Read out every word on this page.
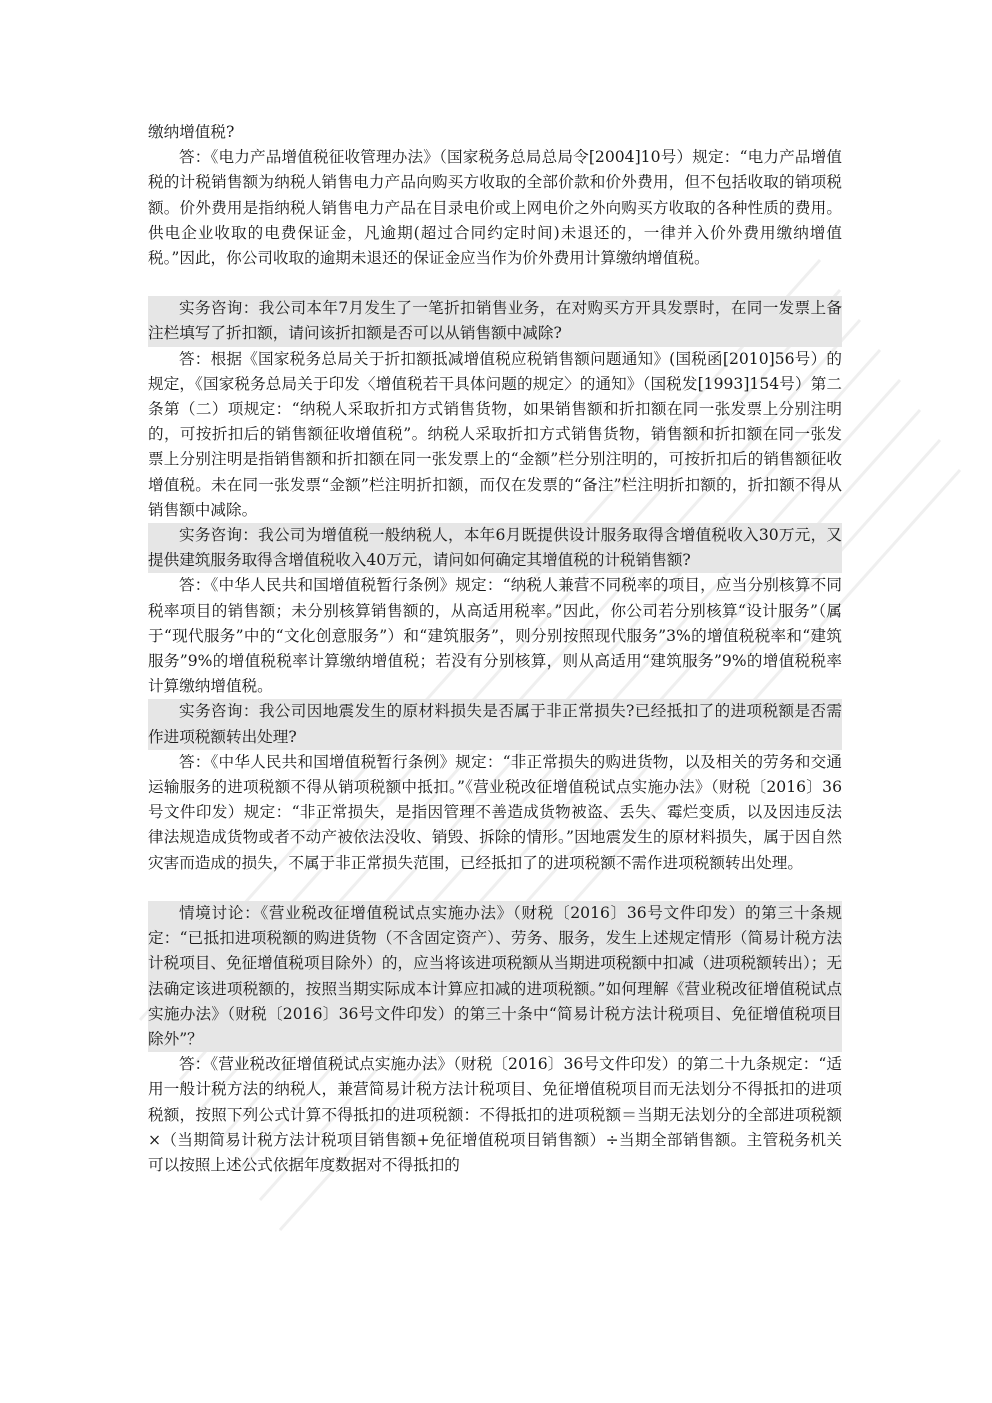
缴纳增值税?

答：《电力产品增值税征收管理办法》（国家税务总局总局令[2004]10号）规定：“电力产品增值税的计税销售额为纳税人销售电力产品向购买方收取的全部价款和价外费用，但不包括收取的销项税额。价外费用是指纳税人销售电力产品在目录电价或上网电价之外向购买方收取的各种性质的费用。供电企业收取的电费保证金，凡逾期(超过合同约定时间)未退还的，一律并入价外费用缴纳增值税。”因此，你公司收取的逾期未退还的保证金应当作为价外费用计算缴纳增值税。

实务咨询：我公司本年7月发生了一笔折扣销售业务，在对购买方开具发票时，在同一发票上备注栏填写了折扣额，请问该折扣额是否可以从销售额中减除?

答：根据《国家税务总局关于折扣额抵减增值税应税销售额问题通知》(国税函[2010]56号）的规定，《国家税务总局关于印发〈增值税若干具体问题的规定〉的通知》（国税发[1993]154号）第二条第（二）项规定：“纳税人采取折扣方式销售货物，如果销售额和折扣额在同一张发票上分别注明的，可按折扣后的销售额征收增值税”。纳税人采取折扣方式销售货物，销售额和折扣额在同一张发票上分别注明是指销售额和折扣额在同一张发票上的“金额”栏分别注明的，可按折扣后的销售额征收增值税。未在同一张发票“金额”栏注明折扣额，而仅在发票的“备注”栏注明折扣额的，折扣额不得从销售额中减除。

实务咨询：我公司为增值税一般纳税人，本年6月既提供设计服务取得含增值税收入30万元，又提供建筑服务取得含增值税收入40万元，请问如何确定其增值税的计税销售额?

答：《中华人民共和国增值税暂行条例》规定：“纳税人兼营不同税率的项目，应当分别核算不同税率项目的销售额；未分别核算销售额的，从高适用税率。”因此，你公司若分别核算“设计服务”（属于“现代服务”中的“文化创意服务”）和“建筑服务”，则分别按照现代服务”3%的增值税税率和“建筑服务”9%的增值税税率计算缴纳增值税；若没有分别核算，则从高适用“建筑服务”9%的增值税税率计算缴纳增值税。

实务咨询：我公司因地震发生的原材料损失是否属于非正常损失?已经抵扣了的进项税额是否需作进项税额转出处理?

答：《中华人民共和国增值税暂行条例》规定：“非正常损失的购进货物，以及相关的劳务和交通运输服务的进项税额不得从销项税额中抵扣。”《营业税改征增值税试点实施办法》（财税〔2016〕36号文件印发）规定：“非正常损失，是指因管理不善造成货物被盗、丢失、霉烂变质，以及因违反法律法规造成货物或者不动产被依法没收、销毁、拆除的情形。”因地震发生的原材料损失，属于因自然灾害而造成的损失，不属于非正常损失范围，已经抵扣了的进项税额不需作进项税额转出处理。

情境讨论：《营业税改征增值税试点实施办法》（财税〔2016〕36号文件印发）的第三十条规定：“已抵扣进项税额的购进货物（不含固定资产）、劳务、服务，发生上述规定情形（简易计税方法计税项目、免征增值税项目除外）的，应当将该进项税额从当期进项税额中扣减（进项税额转出）；无法确定该进项税额的，按照当期实际成本计算应扣减的进项税额。”如何理解《营业税改征增值税试点实施办法》（财税〔2016〕36号文件印发）的第三十条中“简易计税方法计税项目、免征增值税项目除外”？

答：《营业税改征增值税试点实施办法》（财税〔2016〕36号文件印发）的第二十九条规定：“适用一般计税方法的纳税人，兼营简易计税方法计税项目、免征增值税项目而无法划分不得抵扣的进项税额，按照下列公式计算不得抵扣的进项税额：不得抵扣的进项税额＝当期无法划分的全部进项税额×（当期简易计税方法计税项目销售额+免征增值税项目销售额）÷当期全部销售额。主管税务机关可以按照上述公式依据年度数据对不得抵扣的
